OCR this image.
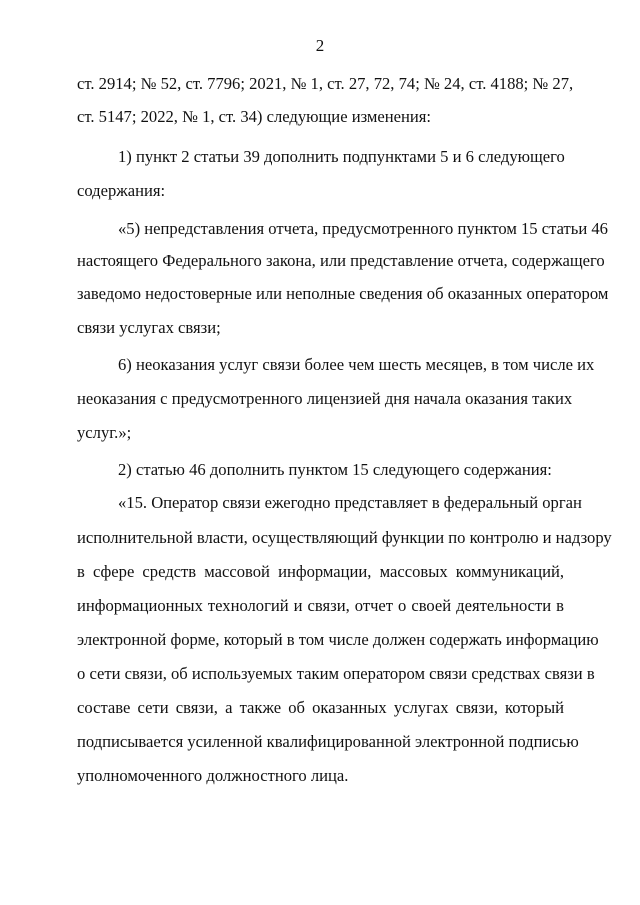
2
ст. 2914; № 52, ст. 7796; 2021, № 1, ст. 27, 72, 74; № 24, ст. 4188; № 27,
ст. 5147; 2022, № 1, ст. 34) следующие изменения:
1) пункт 2 статьи 39 дополнить подпунктами 5 и 6 следующего
содержания:
«5) непредставления отчета, предусмотренного пунктом 15 статьи 46
настоящего Федерального закона, или представление отчета, содержащего
заведомо недостоверные или неполные сведения об оказанных оператором
связи услугах связи;
6) неоказания услуг связи более чем шесть месяцев, в том числе их
неоказания с предусмотренного лицензией дня начала оказания таких
услуг.»;
2) статью 46 дополнить пунктом 15 следующего содержания:
«15. Оператор связи ежегодно представляет в федеральный орган
исполнительной власти, осуществляющий функции по контролю и надзору
в сфере средств массовой информации, массовых коммуникаций,
информационных технологий и связи, отчет о своей деятельности в
электронной форме, который в том числе должен содержать информацию
о сети связи, об используемых таким оператором связи средствах связи в
составе сети связи, а также об оказанных услугах связи, который
подписывается усиленной квалифицированной электронной подписью
уполномоченного должностного лица.
